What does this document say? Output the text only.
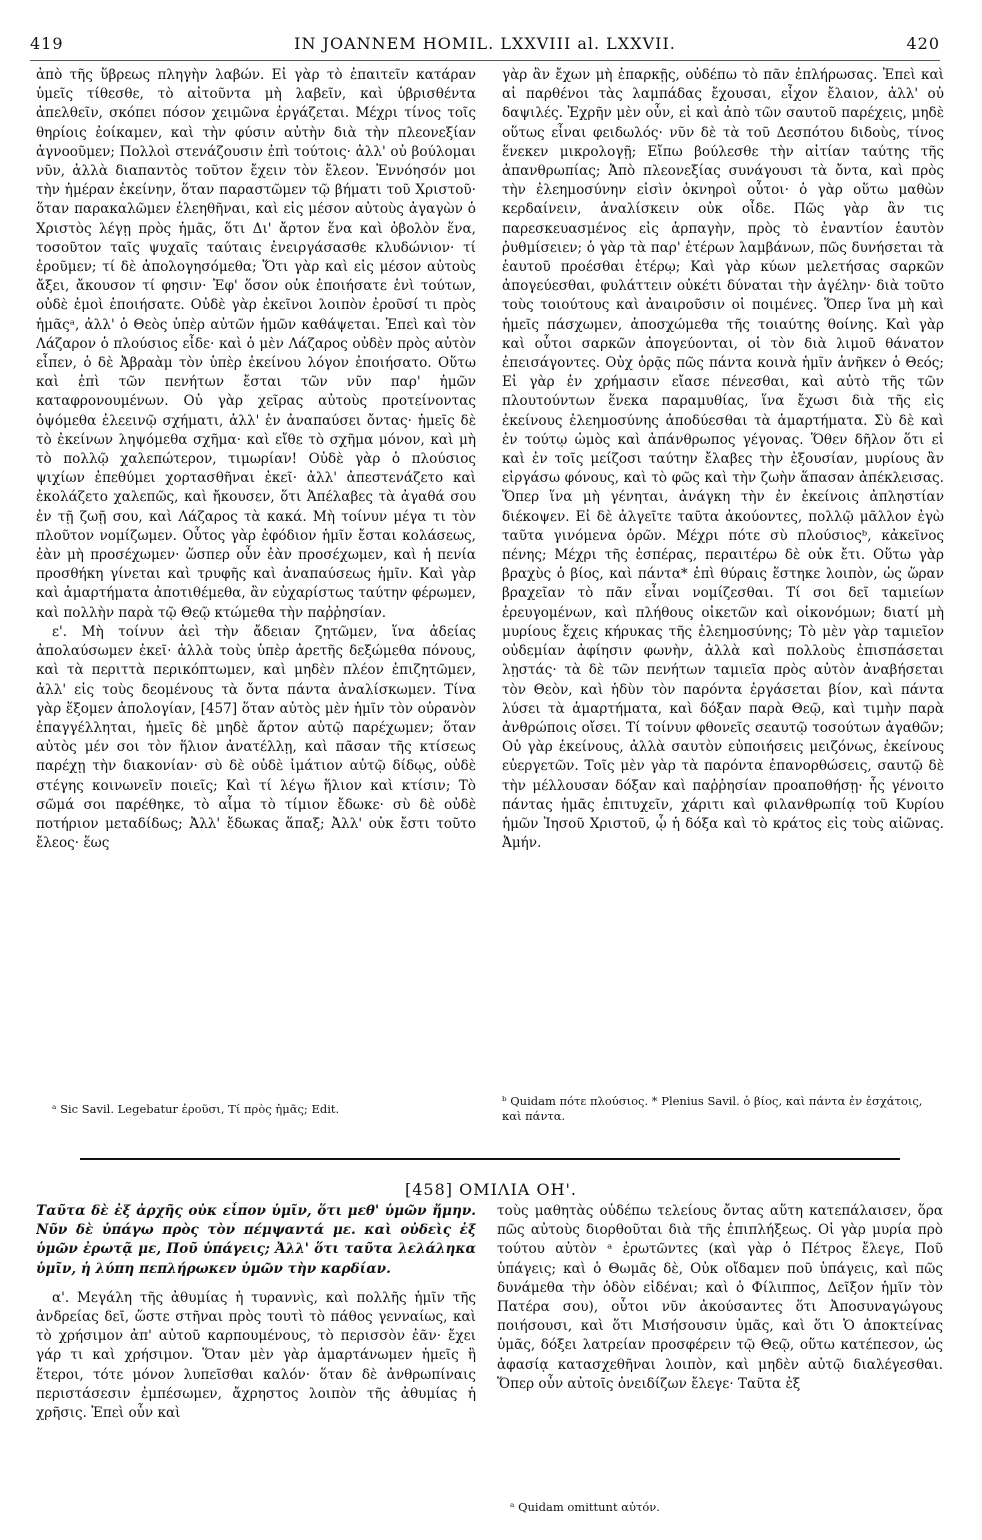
419	IN JOANNEM HOMIL. LXXVIII al. LXXVII.	420

ἀπὸ τῆς ὕβρεως πληγὴν λαβών. Εἰ γὰρ τὸ ἐπαιτεῖν κατάραν ὑμεῖς τίθεσθε, τὸ αἰτοῦντα μὴ λαβεῖν, καὶ ὑβρισθέντα ἀπελθεῖν, σκόπει πόσον χειμῶνα ἐργάζεται. Μέχρι τίνος τοῖς θηρίοις ἐοίκαμεν, καὶ τὴν φύσιν αὐτὴν διὰ τὴν πλεονεξίαν ἀγνοοῦμεν; Πολλοὶ στενάζουσιν ἐπὶ τούτοις· ἀλλ' οὐ βούλομαι νῦν, ἀλλὰ διαπαντὸς τοῦτον ἔχειν τὸν ἔλεον. Ἐννόησόν μοι τὴν ἡμέραν ἐκείνην, ὅταν παραστῶμεν τῷ βήματι τοῦ Χριστοῦ· ὅταν παρακαλῶμεν ἐλεηθῆναι, καὶ εἰς μέσον αὐτοὺς ἀγαγὼν ὁ Χριστὸς λέγῃ πρὸς ἡμᾶς, ὅτι Δι' ἄρτον ἕνα καὶ ὀβολὸν ἕνα, τοσοῦτον ταῖς ψυχαῖς ταύταις ἐνειργάσασθε κλυδώνιον· τί ἐροῦμεν; τί δὲ ἀπολογησόμεθα; Ὅτι γὰρ καὶ εἰς μέσον αὐτοὺς ἄξει, ἄκουσον τί φησιν· Ἐφ' ὅσον οὐκ ἐποιήσατε ἑνὶ τούτων, οὐδὲ ἐμοὶ ἐποιήσατε. Οὐδὲ γὰρ ἐκεῖνοι λοιπὸν ἐροῦσί τι πρὸς ἡμᾶςᵃ, ἀλλ' ὁ Θεὸς ὑπὲρ αὐτῶν ἡμῶν καθάψεται. Ἐπεὶ καὶ τὸν Λάζαρον ὁ πλούσιος εἶδε· καὶ ὁ μὲν Λάζαρος οὐδὲν πρὸς αὐτὸν εἶπεν, ὁ δὲ Ἀβραὰμ τὸν ὑπὲρ ἐκείνου λόγον ἐποιήσατο. Οὕτω καὶ ἐπὶ τῶν πενήτων ἔσται τῶν νῦν παρ' ἡμῶν καταφρονουμένων. Οὐ γὰρ χεῖρας αὐτοὺς προτείνοντας ὀψόμεθα ἐλεεινῷ σχήματι, ἀλλ' ἐν ἀναπαύσει ὄντας· ἡμεῖς δὲ τὸ ἐκείνων ληψόμεθα σχῆμα· καὶ εἴθε τὸ σχῆμα μόνον, καὶ μὴ τὸ πολλῷ χαλεπώτερον, τιμωρίαν! Οὐδὲ γὰρ ὁ πλούσιος ψιχίων ἐπεθύμει χορτασθῆναι ἐκεῖ· ἀλλ' ἀπεστενάζετο καὶ ἐκολάζετο χαλεπῶς, καὶ ἤκουσεν, ὅτι Ἀπέλαβες τὰ ἀγαθά σου ἐν τῇ ζωῇ σου, καὶ Λάζαρος τὰ κακά. Μὴ τοίνυν μέγα τι τὸν πλοῦτον νομίζωμεν. Οὗτος γὰρ ἐφόδιον ἡμῖν ἔσται κολάσεως, ἐὰν μὴ προσέχωμεν· ὥσπερ οὖν ἐὰν προσέχωμεν, καὶ ἡ πενία προσθήκη γίνεται καὶ τρυφῆς καὶ ἀναπαύσεως ἡμῖν. Καὶ γὰρ καὶ ἁμαρτήματα ἀποτιθέμεθα, ἂν εὐχαρίστως ταύτην φέρωμεν, καὶ πολλὴν παρὰ τῷ Θεῷ κτώμεθα τὴν παῤῥησίαν.

ε'. Μὴ τοίνυν ἀεὶ τὴν ἄδειαν ζητῶμεν, ἵνα ἀδείας ἀπολαύσωμεν ἐκεῖ· ἀλλὰ τοὺς ὑπὲρ ἀρετῆς δεξώμεθα πόνους, καὶ τὰ περιττὰ περικόπτωμεν, καὶ μηδὲν πλέον ἐπιζητῶμεν, ἀλλ' εἰς τοὺς δεομένους τὰ ὄντα πάντα ἀναλίσκωμεν. Τίνα γὰρ ἕξομεν ἀπολογίαν, [457] ὅταν αὐτὸς μὲν ἡμῖν τὸν οὐρανὸν ἐπαγγέλληται, ἡμεῖς δὲ μηδὲ ἄρτον αὐτῷ παρέχωμεν; ὅταν αὐτὸς μέν σοι τὸν ἥλιον ἀνατέλλῃ, καὶ πᾶσαν τῆς κτίσεως παρέχῃ τὴν διακονίαν· σὺ δὲ οὐδὲ ἱμάτιον αὐτῷ δίδῳς, οὐδὲ στέγης κοινωνεῖν ποιεῖς; Καὶ τί λέγω ἥλιον καὶ κτίσιν; Τὸ σῶμά σοι παρέθηκε, τὸ αἷμα τὸ τίμιον ἔδωκε· σὺ δὲ οὐδὲ ποτήριον μεταδίδως; Ἀλλ' ἔδωκας ἅπαξ; Ἀλλ' οὐκ ἔστι τοῦτο ἔλεος· ἕως

γὰρ ἂν ἔχων μὴ ἐπαρκῇς, οὐδέπω τὸ πᾶν ἐπλήρωσας. Ἐπεὶ καὶ αἱ παρθένοι τὰς λαμπάδας ἔχουσαι, εἶχον ἔλαιον, ἀλλ' οὐ δαψιλές. Ἐχρῆν μὲν οὖν, εἰ καὶ ἀπὸ τῶν σαυτοῦ παρέχεις, μηδὲ οὕτως εἶναι φειδωλός· νῦν δὲ τὰ τοῦ Δεσπότου διδοὺς, τίνος ἕνεκεν μικρολογῇ; Εἴπω βούλεσθε τὴν αἰτίαν ταύτης τῆς ἀπανθρωπίας; Ἀπὸ πλεονεξίας συνάγουσι τὰ ὄντα, καὶ πρὸς τὴν ἐλεημοσύνην εἰσὶν ὀκνηροὶ οὗτοι· ὁ γὰρ οὕτω μαθὼν κερδαίνειν, ἀναλίσκειν οὐκ οἶδε. Πῶς γὰρ ἂν τις παρεσκευασμένος εἰς ἁρπαγὴν, πρὸς τὸ ἐναντίον ἑαυτὸν ῥυθμίσειεν; ὁ γὰρ τὰ παρ' ἑτέρων λαμβάνων, πῶς δυνήσεται τὰ ἑαυτοῦ προέσθαι ἑτέρῳ; Καὶ γὰρ κύων μελετήσας σαρκῶν ἀπογεύεσθαι, φυλάττειν οὐκέτι δύναται τὴν ἀγέλην· διὰ τοῦτο τοὺς τοιούτους καὶ ἀναιροῦσιν οἱ ποιμένες. Ὅπερ ἵνα μὴ καὶ ἡμεῖς πάσχωμεν, ἀποσχώμεθα τῆς τοιαύτης θοίνης. Καὶ γὰρ καὶ οὗτοι σαρκῶν ἀπογεύονται, οἱ τὸν διὰ λιμοῦ θάνατον ἐπεισάγοντες. Οὐχ ὁρᾷς πῶς πάντα κοινὰ ἡμῖν ἀνῆκεν ὁ Θεός; Εἰ γὰρ ἐν χρήμασιν εἴασε πένεσθαι, καὶ αὐτὸ τῆς τῶν πλουτούντων ἕνεκα παραμυθίας, ἵνα ἔχωσι διὰ τῆς εἰς ἐκείνους ἐλεημοσύνης ἀποδύεσθαι τὰ ἁμαρτήματα. Σὺ δὲ καὶ ἐν τούτῳ ὠμὸς καὶ ἀπάνθρωπος γέγονας. Ὅθεν δῆλον ὅτι εἰ καὶ ἐν τοῖς μείζοσι ταύτην ἔλαβες τὴν ἐξουσίαν, μυρίους ἂν εἰργάσω φόνους, καὶ τὸ φῶς καὶ τὴν ζωὴν ἅπασαν ἀπέκλεισας. Ὅπερ ἵνα μὴ γένηται, ἀνάγκη τὴν ἐν ἐκείνοις ἀπληστίαν διέκοψεν. Εἰ δὲ ἀλγεῖτε ταῦτα ἀκούοντες, πολλῷ μᾶλλον ἐγὼ ταῦτα γινόμενα ὁρῶν. Μέχρι πότε σὺ πλούσιοςᵇ, κἀκεῖνος πένης; Μέχρι τῆς ἑσπέρας, περαιτέρω δὲ οὐκ ἔτι. Οὕτω γὰρ βραχὺς ὁ βίος, καὶ πάντα* ἐπὶ θύραις ἕστηκε λοιπὸν, ὡς ὥραν βραχεῖαν τὸ πᾶν εἶναι νομίζεσθαι. Τί σοι δεῖ ταμιείων ἐρευγομένων, καὶ πλήθους οἰκετῶν καὶ οἰκονόμων; διατί μὴ μυρίους ἔχεις κήρυκας τῆς ἐλεημοσύνης; Τὸ μὲν γὰρ ταμιεῖον οὐδεμίαν ἀφίησιν φωνὴν, ἀλλὰ καὶ πολλοὺς ἐπισπάσεται λῃστάς· τὰ δὲ τῶν πενήτων ταμιεῖα πρὸς αὐτὸν ἀναβήσεται τὸν Θεὸν, καὶ ἡδὺν τὸν παρόντα ἐργάσεται βίον, καὶ πάντα λύσει τὰ ἁμαρτήματα, καὶ δόξαν παρὰ Θεῷ, καὶ τιμὴν παρὰ ἀνθρώποις οἴσει. Τί τοίνυν φθονεῖς σεαυτῷ τοσούτων ἀγαθῶν; Οὐ γὰρ ἐκείνους, ἀλλὰ σαυτὸν εὐποιήσεις μειζόνως, ἐκείνους εὐεργετῶν. Τοῖς μὲν γὰρ τὰ παρόντα ἐπανορθώσεις, σαυτῷ δὲ τὴν μέλλουσαν δόξαν καὶ παῤῥησίαν προαποθήσῃ· ἧς γένοιτο πάντας ἡμᾶς ἐπιτυχεῖν, χάριτι καὶ φιλανθρωπίᾳ τοῦ Κυρίου ἡμῶν Ἰησοῦ Χριστοῦ, ᾧ ἡ δόξα καὶ τὸ κράτος εἰς τοὺς αἰῶνας. Ἀμήν.

ᵃ Sic Savil. Legebatur ἐροῦσι, Τί πρὸς ἡμᾶς; Edit.
ᵇ Quidam πότε πλούσιος. * Plenius Savil. ὁ βίος, καὶ πάντα ἐν ἐσχάτοις, καὶ πάντα.
[458] ΟΜΙΛΙΑ ΟΗ'.

Ταῦτα δὲ ἐξ ἀρχῆς οὐκ εἶπον ὑμῖν, ὅτι μεθ' ὑμῶν ἤμην. Νῦν δὲ ὑπάγω πρὸς τὸν πέμψαντά με. καὶ οὐδεὶς ἐξ ὑμῶν ἐρωτᾷ με, Ποῦ ὑπάγεις; Ἀλλ' ὅτι ταῦτα λελάληκα ὑμῖν, ἡ λύπη πεπλήρωκεν ὑμῶν τὴν καρδίαν.

α'. Μεγάλη τῆς ἀθυμίας ἡ τυραννὶς, καὶ πολλῆς ἡμῖν τῆς ἀνδρείας δεῖ, ὥστε στῆναι πρὸς τουτὶ τὸ πάθος γενναίως, καὶ τὸ χρήσιμον ἀπ' αὐτοῦ καρπουμένους, τὸ περισσὸν ἐᾶν· ἔχει γάρ τι καὶ χρήσιμον. Ὅταν μὲν γὰρ ἁμαρτάνωμεν ἡμεῖς ἢ ἕτεροι, τότε μόνον λυπεῖσθαι καλόν· ὅταν δὲ ἀνθρωπίναις περιστάσεσιν ἐμπέσωμεν, ἄχρηστος λοιπὸν τῆς ἀθυμίας ἡ χρῆσις. Ἐπεὶ οὖν καὶ

τοὺς μαθητὰς οὐδέπω τελείους ὄντας αὕτη κατεπάλαισεν, ὅρα πῶς αὐτοὺς διορθοῦται διὰ τῆς ἐπιπλήξεως. Οἱ γὰρ μυρία πρὸ τούτου αὐτὸν ᵃ ἐρωτῶντες (καὶ γὰρ ὁ Πέτρος ἔλεγε, Ποῦ ὑπάγεις; καὶ ὁ Θωμᾶς δὲ, Οὐκ οἴδαμεν ποῦ ὑπάγεις, καὶ πῶς δυνάμεθα τὴν ὁδὸν εἰδέναι; καὶ ὁ Φίλιππος, Δεῖξον ἡμῖν τὸν Πατέρα σου), οὗτοι νῦν ἀκούσαντες ὅτι Ἀποσυναγώγους ποιήσουσι, καὶ ὅτι Μισήσουσιν ὑμᾶς, καὶ ὅτι Ὁ ἀποκτείνας ὑμᾶς, δόξει λατρείαν προσφέρειν τῷ Θεῷ, οὕτω κατέπεσον, ὡς ἀφασίᾳ κατασχεθῆναι λοιπὸν, καὶ μηδὲν αὐτῷ διαλέγεσθαι. Ὅπερ οὖν αὐτοῖς ὀνειδίζων ἔλεγε· Ταῦτα ἐξ

ᵃ Quidam omittunt αὐτόν.
